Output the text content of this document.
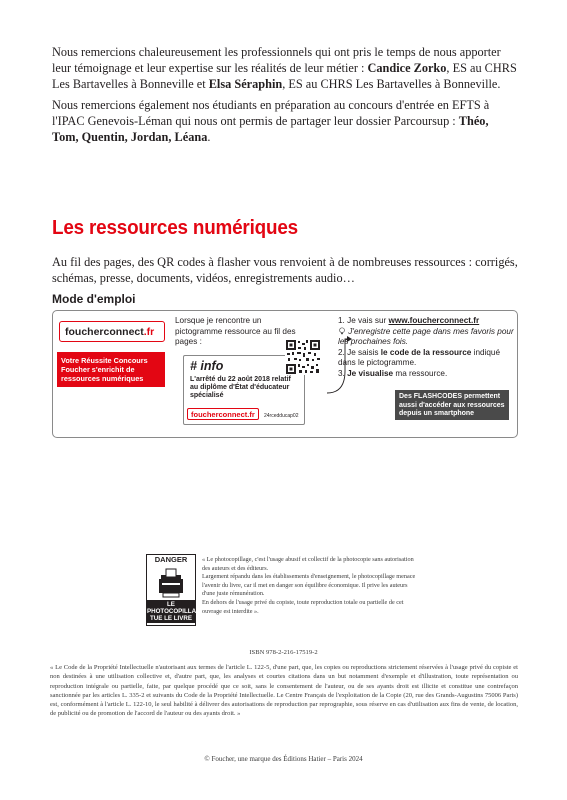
Nous remercions chaleureusement les professionnels qui ont pris le temps de nous apporter leur témoignage et leur expertise sur les réalités de leur métier : Candice Zorko, ES au CHRS Les Bartavelles à Bonneville et Elsa Séraphin, ES au CHRS Les Bartavelles à Bonneville.

Nous remercions également nos étudiants en préparation au concours d'entrée en EFTS à l'IPAC Genevois-Léman qui nous ont permis de partager leur dossier Parcoursup : Théo, Tom, Quentin, Jordan, Léana.

Les ressources numériques
Au fil des pages, des QR codes à flasher vous renvoient à de nombreuses ressources : corrigés, schémas, presse, documents, vidéos, enregistrements audio…
Mode d'emploi
foucherconnect.fr
Votre Réussite Concours Foucher s'enrichit de ressources numériques
Lorsque je rencontre un pictogramme ressource au fil des pages :
# info
L'arrêté du 22 août 2018 relatif au diplôme d'État d'éducateur spécialisé
foucherconnect.fr	24rcedducap02
1. Je vais sur www.foucherconnect.fr
J'enregistre cette page dans mes favoris pour les prochaines fois.
2. Je saisis le code de la ressource indiqué dans le pictogramme.
3. Je visualise ma ressource.
Des FLASHCODES permettent aussi d'accéder aux ressources depuis un smartphone
DANGER
LE PHOTOCOPILLAGE TUE LE LIVRE

« Le photocopillage, c'est l'usage abusif et collectif de la photocopie sans autorisation des auteurs et des éditeurs.

Largement répandu dans les établissements d'enseignement, le photocopillage menace l'avenir du livre, car il met en danger son équilibre économique. Il prive les auteurs d'une juste rémunération.

En dehors de l'usage privé du copiste, toute reproduction totale ou partielle de cet ouvrage est interdite ».

ISBN 978-2-216-17519-2
« Le Code de la Propriété Intellectuelle n'autorisant aux termes de l'article L. 122-5, d'une part, que, les copies ou reproductions strictement réservées à l'usage privé du copiste et non destinées à une utilisation collective et, d'autre part, que, les analyses et courtes citations dans un but notamment d'exemple et d'illustration, toute représentation ou reproduction intégrale ou partielle, faite, par quelque procédé que ce soit, sans le consentement de l'auteur, ou de ses ayants droit est illicite et constitue une contrefaçon sanctionnée par les articles L. 335-2 et suivants du Code de la Propriété Intellectuelle. Le Centre Français de l'exploitation de la Copie (20, rue des Grands-Augustins 75006 Paris) est, conformément à l'article L. 122-10, le seul habilité à délivrer des autorisations de reproduction par reprographie, sous réserve en cas d'utilisation aux fins de vente, de location, de publicité ou de promotion de l'accord de l'auteur ou des ayants droit. »
© Foucher, une marque des Éditions Hatier – Paris 2024
